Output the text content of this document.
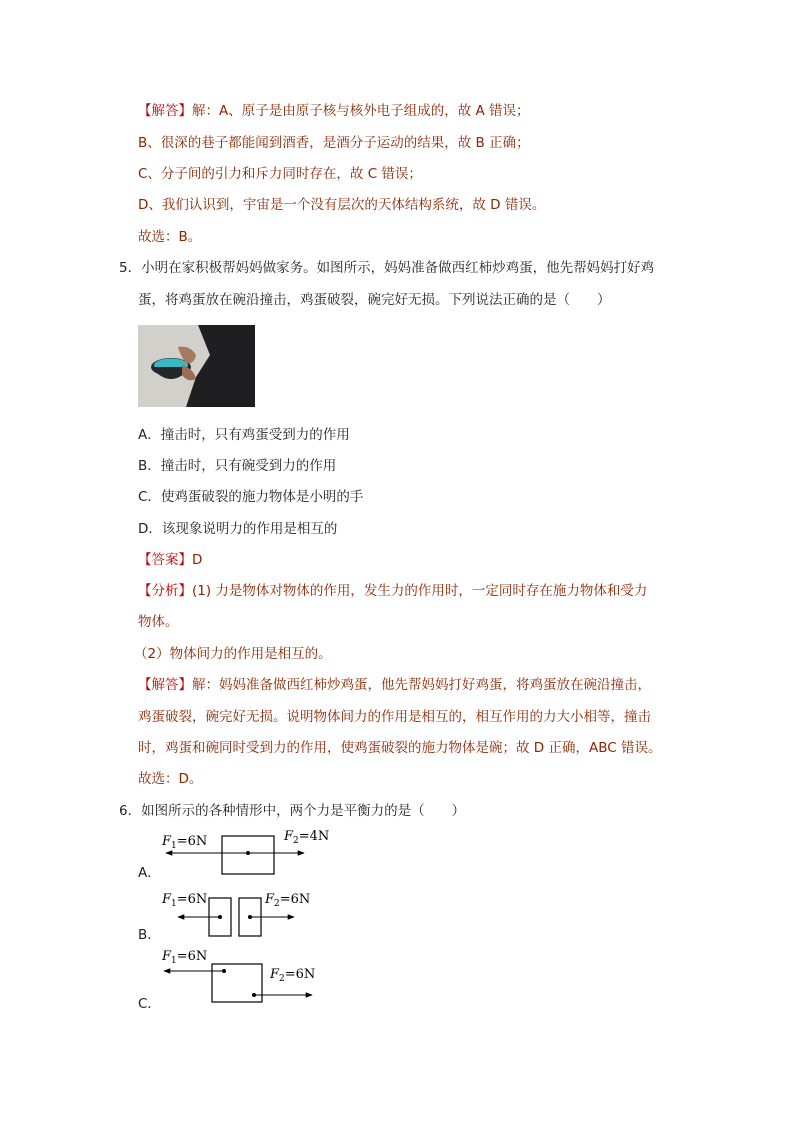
【解答】解：A、原子是由原子核与核外电子组成的，故 A 错误；
B、很深的巷子都能闻到酒香，是酒分子运动的结果，故 B 正确；
C、分子间的引力和斥力同时存在，故 C 错误；
D、我们认识到，宇宙是一个没有层次的天体结构系统，故 D 错误。
故选：B。
5．小明在家积极帮妈妈做家务。如图所示，妈妈准备做西红柿炒鸡蛋，他先帮妈妈打好鸡
蛋，将鸡蛋放在碗沿撞击，鸡蛋破裂，碗完好无损。下列说法正确的是（　　）
A．撞击时，只有鸡蛋受到力的作用
B．撞击时，只有碗受到力的作用
C．使鸡蛋破裂的施力物体是小明的手
D．该现象说明力的作用是相互的
【答案】D
【分析】(1) 力是物体对物体的作用，发生力的作用时，一定同时存在施力物体和受力
物体。
（2）物体间力的作用是相互的。
【解答】解：妈妈准备做西红柿炒鸡蛋，他先帮妈妈打好鸡蛋，将鸡蛋放在碗沿撞击，
鸡蛋破裂，碗完好无损。说明物体间力的作用是相互的，相互作用的力大小相等，撞击
时，鸡蛋和碗同时受到力的作用，使鸡蛋破裂的施力物体是碗；故 D 正确，ABC 错误。
故选：D。
6．如图所示的各种情形中，两个力是平衡力的是（　　）
A．
$F_1=6N$	$F_2=4N$
B．
$F_1=6N$	$F_2=6N$
C．
$F_1=6N$
$F_2=6N$
